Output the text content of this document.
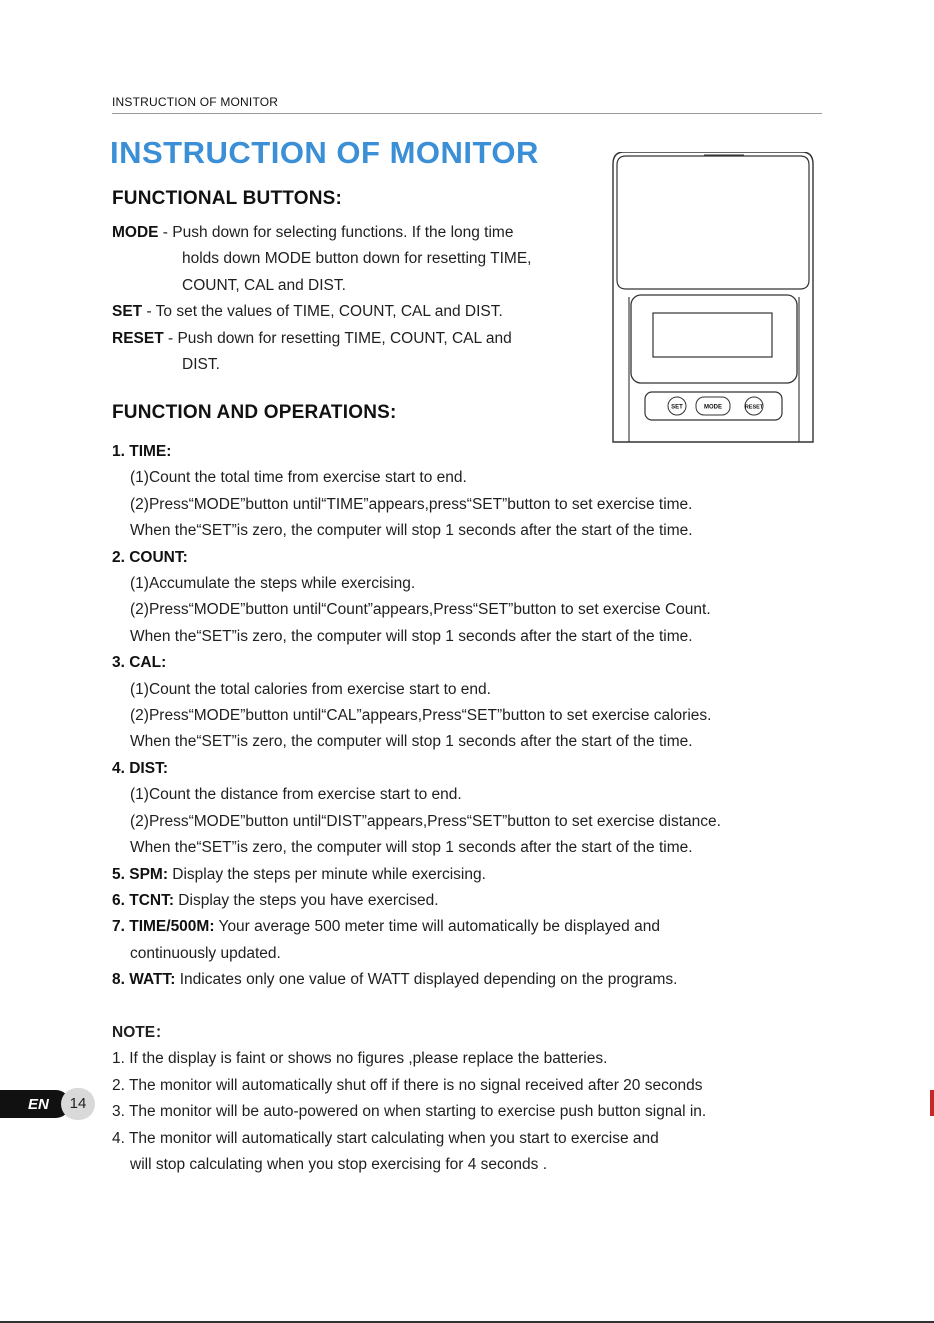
INSTRUCTION OF MONITOR
INSTRUCTION OF MONITOR
FUNCTIONAL BUTTONS:
MODE - Push down for selecting functions. If the long time
holds down MODE button down for resetting TIME,
COUNT, CAL and DIST.
SET - To set the values of TIME, COUNT, CAL and DIST.
RESET - Push down for resetting TIME, COUNT, CAL and
DIST.
SET	MODE	RESET
FUNCTION AND OPERATIONS:
1. TIME:
(1)Count the total time from exercise start to end.
(2)Press“MODE”button until“TIME”appears,press“SET”button to set exercise time.
When the“SET”is zero, the computer will stop 1 seconds after the start of the time.
2. COUNT:
(1)Accumulate the steps while exercising.
(2)Press“MODE”button until“Count”appears,Press“SET”button to set exercise Count.
When the“SET”is zero, the computer will stop 1 seconds after the start of the time.
3. CAL:
(1)Count the total calories from exercise start to end.
(2)Press“MODE”button until“CAL”appears,Press“SET”button to set exercise calories.
When the“SET”is zero, the computer will stop 1 seconds after the start of the time.
4. DIST:
(1)Count the distance from exercise start to end.
(2)Press“MODE”button until“DIST”appears,Press“SET”button to set exercise distance.
When the“SET”is zero, the computer will stop 1 seconds after the start of the time.
5. SPM: Display the steps per minute while exercising.
6. TCNT: Display the steps you have exercised.
7. TIME/500M: Your average 500 meter time will automatically be displayed and
continuously updated.
8. WATT: Indicates only one value of WATT displayed depending on the programs.
NOTE：
1. If the display is faint or shows no figures ,please replace the batteries.
2. The monitor will automatically shut off if there is no signal received after 20 seconds
3. The monitor will be auto-powered on when starting to exercise push button signal in.
4. The monitor will automatically start calculating when you start to exercise and
will stop calculating when you stop exercising for 4 seconds .
EN	14
